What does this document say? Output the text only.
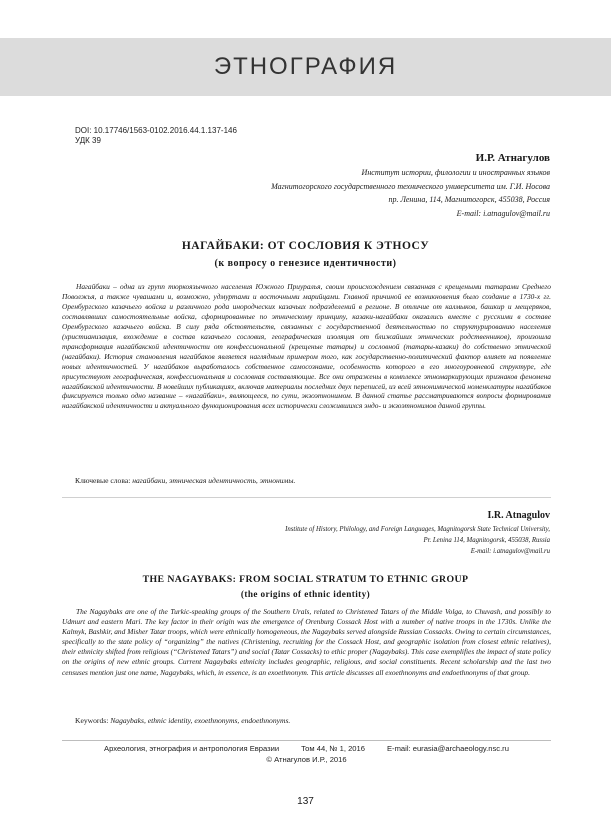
ЭТНОГРАФИЯ
DOI: 10.17746/1563-0102.2016.44.1.137-146
УДК 39
И.Р. Атнагулов
Институт истории, филологии и иностранных языков
Магнитогорского государственного технического университета им. Г.И. Носова
пр. Ленина, 114, Магнитогорск, 455038, Россия
E-mail: i.atnagulov@mail.ru
НАГАЙБАКИ: ОТ СОСЛОВИЯ К ЭТНОСУ
(к вопросу о генезисе идентичности)

Нагайбаки – одна из групп тюркоязычного населения Южного Приуралья, своим происхождением связанная с крещеными татарами Среднего Поволжья, а также чувашами и, возможно, удмуртами и восточными марийцами. Главной причиной ее возникновения было создание в 1730-х гг. Оренбургского казачьего войска и различного рода инородческих казачьих подразделений в регионе. В отличие от калмыков, башкир и мещеряков, составлявших самостоятельные войска, сформированные по этническому принципу, казаки-нагайбаки оказались вместе с русскими в составе Оренбургского казачьего войска. В силу ряда обстоятельств, связанных с государственной деятельностью по структурированию населения (христианизация, вхождение в состав казачьего сословия, географическая изоляция от ближайших этнических родственников), произошла трансформация нагайбакской идентичности от конфессиональной (крещеные татары) и сословной (татары-казаки) до собственно этнической (нагайбаки). История становления нагайбаков является наглядным примером того, как государственно-политический фактор влияет на появление новых идентичностей. У нагайбаков выработалось собственное самосознание, особенность которого в его многоуровневой структуре, где присутствуют географическая, конфессиональная и сословная составляющие. Все они отражены в комплексе этномаркирующих признаков феномена нагайбакской идентичности. В новейших публикациях, включая материалы последних двух переписей, из всей этнонимической номенклатуры нагайбаков фиксируется только одно название – «нагайбаки», являющееся, по сути, экзоэтнонимом. В данной статье рассматриваются вопросы формирования нагайбакской идентичности и актуального функционирования всех исторически сложившихся эндо- и экзоэтнонимов данной группы.

Ключевые слова: нагайбаки, этническая идентичность, этнонимы.
I.R. Atnagulov
Institute of History, Philology, and Foreign Languages, Magnitogorsk State Technical University,
Pr. Lenina 114, Magnitogorsk, 455038, Russia
E-mail: i.atnagulov@mail.ru
THE NAGAYBAKS: FROM SOCIAL STRATUM TO ETHNIC GROUP
(the origins of ethnic identity)

The Nagaybaks are one of the Turkic-speaking groups of the Southern Urals, related to Christened Tatars of the Middle Volga, to Chuvash, and possibly to Udmurt and eastern Mari. The key factor in their origin was the emergence of Orenburg Cossack Host with a number of native troops in the 1730s. Unlike the Kalmyk, Bashkir, and Misher Tatar troops, which were ethnically homogeneous, the Nagaybaks served alongside Russian Cossacks. Owing to certain circumstances, specifically to the state policy of “organizing” the natives (Christening, recruiting for the Cossack Host, and geographic isolation from closest ethnic relatives), their ethnicity shifted from religious (“Christened Tatars”) and social (Tatar Cossacks) to ethic proper (Nagaybaks). This case exemplifies the impact of state policy on the origins of new ethnic groups. Current Nagaybaks ethnicity includes geographic, religious, and social constituents. Recent scholarship and the last two censuses mention just one name, Nagaybaks, which, in essence, is an exoethnonym. This article discusses all exoethnonyms and endoethnonyms of that group.

Keywords: Nagaybaks, ethnic identity, exoethnonyms, endoethnonyms.
Археология, этнография и антропология Евразии	Том 44, № 1, 2016	E-mail: eurasia@archaeology.nsc.ru
© Атнагулов И.Р., 2016
137
